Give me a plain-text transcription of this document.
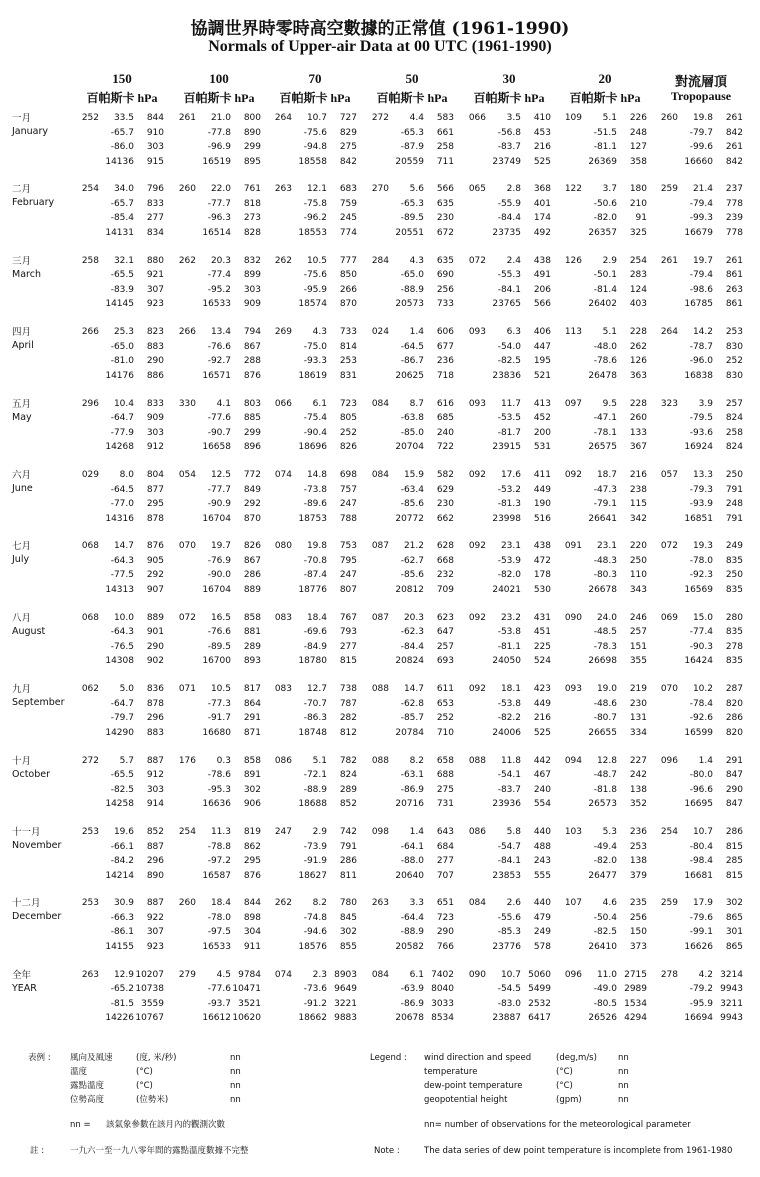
協調世界時零時高空數據的正常值 (1961-1990)
Normals of Upper-air Data at 00 UTC (1961-1990)
150
百帕斯卡 hPa
100
百帕斯卡 hPa
70
百帕斯卡 hPa
50
百帕斯卡 hPa
30
百帕斯卡 hPa
20
百帕斯卡 hPa
對流層頂
Tropopause
一月
January
252	33.5	844	261	21.0	800	264	10.7	727	272	4.4	583	066	3.5	410	109	5.1	226	260	19.8	261
-65.7	910	-77.8	890	-75.6	829	-65.3	661	-56.8	453	-51.5	248	-79.7	842
-86.0	303	-96.9	299	-94.8	275	-87.9	258	-83.7	216	-81.1	127	-99.6	261
14136	915	16519	895	18558	842	20559	711	23749	525	26369	358	16660	842
二月
February
254	34.0	796	260	22.0	761	263	12.1	683	270	5.6	566	065	2.8	368	122	3.7	180	259	21.4	237
-65.7	833	-77.7	818	-75.8	759	-65.3	635	-55.9	401	-50.6	210	-79.4	778
-85.4	277	-96.3	273	-96.2	245	-89.5	230	-84.4	174	-82.0	91	-99.3	239
14131	834	16514	828	18553	774	20551	672	23735	492	26357	325	16679	778
三月
March
258	32.1	880	262	20.3	832	262	10.5	777	284	4.3	635	072	2.4	438	126	2.9	254	261	19.7	261
-65.5	921	-77.4	899	-75.6	850	-65.0	690	-55.3	491	-50.1	283	-79.4	861
-83.9	307	-95.2	303	-95.9	266	-88.9	256	-84.1	206	-81.4	124	-98.6	263
14145	923	16533	909	18574	870	20573	733	23765	566	26402	403	16785	861
四月
April
266	25.3	823	266	13.4	794	269	4.3	733	024	1.4	606	093	6.3	406	113	5.1	228	264	14.2	253
-65.0	883	-76.6	867	-75.0	814	-64.5	677	-54.0	447	-48.0	262	-78.7	830
-81.0	290	-92.7	288	-93.3	253	-86.7	236	-82.5	195	-78.6	126	-96.0	252
14176	886	16571	876	18619	831	20625	718	23836	521	26478	363	16838	830
五月
May
296	10.4	833	330	4.1	803	066	6.1	723	084	8.7	616	093	11.7	413	097	9.5	228	323	3.9	257
-64.7	909	-77.6	885	-75.4	805	-63.8	685	-53.5	452	-47.1	260	-79.5	824
-77.9	303	-90.7	299	-90.4	252	-85.0	240	-81.7	200	-78.1	133	-93.6	258
14268	912	16658	896	18696	826	20704	722	23915	531	26575	367	16924	824
六月
June
029	8.0	804	054	12.5	772	074	14.8	698	084	15.9	582	092	17.6	411	092	18.7	216	057	13.3	250
-64.5	877	-77.7	849	-73.8	757	-63.4	629	-53.2	449	-47.3	238	-79.3	791
-77.0	295	-90.9	292	-89.6	247	-85.6	230	-81.3	190	-79.1	115	-93.9	248
14316	878	16704	870	18753	788	20772	662	23998	516	26641	342	16851	791
七月
July
068	14.7	876	070	19.7	826	080	19.8	753	087	21.2	628	092	23.1	438	091	23.1	220	072	19.3	249
-64.3	905	-76.9	867	-70.8	795	-62.7	668	-53.9	472	-48.3	250	-78.0	835
-77.5	292	-90.0	286	-87.4	247	-85.6	232	-82.0	178	-80.3	110	-92.3	250
14313	907	16704	889	18776	807	20812	709	24021	530	26678	343	16569	835
八月
August
068	10.0	889	072	16.5	858	083	18.4	767	087	20.3	623	092	23.2	431	090	24.0	246	069	15.0	280
-64.3	901	-76.6	881	-69.6	793	-62.3	647	-53.8	451	-48.5	257	-77.4	835
-76.5	290	-89.5	289	-84.9	277	-84.4	257	-81.1	225	-78.3	151	-90.3	278
14308	902	16700	893	18780	815	20824	693	24050	524	26698	355	16424	835
九月
September
062	5.0	836	071	10.5	817	083	12.7	738	088	14.7	611	092	18.1	423	093	19.0	219	070	10.2	287
-64.7	878	-77.3	864	-70.7	787	-62.8	653	-53.8	449	-48.6	230	-78.4	820
-79.7	296	-91.7	291	-86.3	282	-85.7	252	-82.2	216	-80.7	131	-92.6	286
14290	883	16680	871	18748	812	20784	710	24006	525	26655	334	16599	820
十月
October
272	5.7	887	176	0.3	858	086	5.1	782	088	8.2	658	088	11.8	442	094	12.8	227	096	1.4	291
-65.5	912	-78.6	891	-72.1	824	-63.1	688	-54.1	467	-48.7	242	-80.0	847
-82.5	303	-95.3	302	-88.9	289	-86.9	275	-83.7	240	-81.8	138	-96.6	290
14258	914	16636	906	18688	852	20716	731	23936	554	26573	352	16695	847
十一月
November
253	19.6	852	254	11.3	819	247	2.9	742	098	1.4	643	086	5.8	440	103	5.3	236	254	10.7	286
-66.1	887	-78.8	862	-73.9	791	-64.1	684	-54.7	488	-49.4	253	-80.4	815
-84.2	296	-97.2	295	-91.9	286	-88.0	277	-84.1	243	-82.0	138	-98.4	285
14214	890	16587	876	18627	811	20640	707	23853	555	26477	379	16681	815
十二月
December
253	30.9	887	260	18.4	844	262	8.2	780	263	3.3	651	084	2.6	440	107	4.6	235	259	17.9	302
-66.3	922	-78.0	898	-74.8	845	-64.4	723	-55.6	479	-50.4	256	-79.6	865
-86.1	307	-97.5	304	-94.6	302	-88.9	290	-85.3	249	-82.5	150	-99.1	301
14155	923	16533	911	18576	855	20582	766	23776	578	26410	373	16626	865
全年
YEAR
263	12.9 10207	279	4.5 9784	074	2.3 8903	084	6.1 7402	090	10.7 5060	096	11.0 2715	278	4.2 3214
-65.2 10738	-77.6 10471	-73.6 9649	-63.9 8040	-54.5 5499	-49.0 2989	-79.2 9943
-81.5 3559	-93.7 3521	-91.2 3221	-86.9 3033	-83.0 2532	-80.5 1534	-95.9 3211
14226 10767	16612 10620	18662 9883	20678 8534	23887 6417	26526 4294	16694 9943
表例 : 風向及風速	(度, 米/秒)	nn
溫度	(°C)	nn
露點溫度	(°C)	nn
位勢高度	(位勢米)	nn
Legend : wind direction and speed	(deg,m/s) nn
temperature	(°C)	nn
dew-point temperature	(°C)	nn
geopotential height	(gpm)	nn
nn = 該氣象參數在該月內的觀測次數	nn= number of observations for the meteorological parameter
註 :	一九六一至一九八零年間的露點溫度數據不完整	Note :	The data series of dew point temperature is incomplete from 1961-1980
